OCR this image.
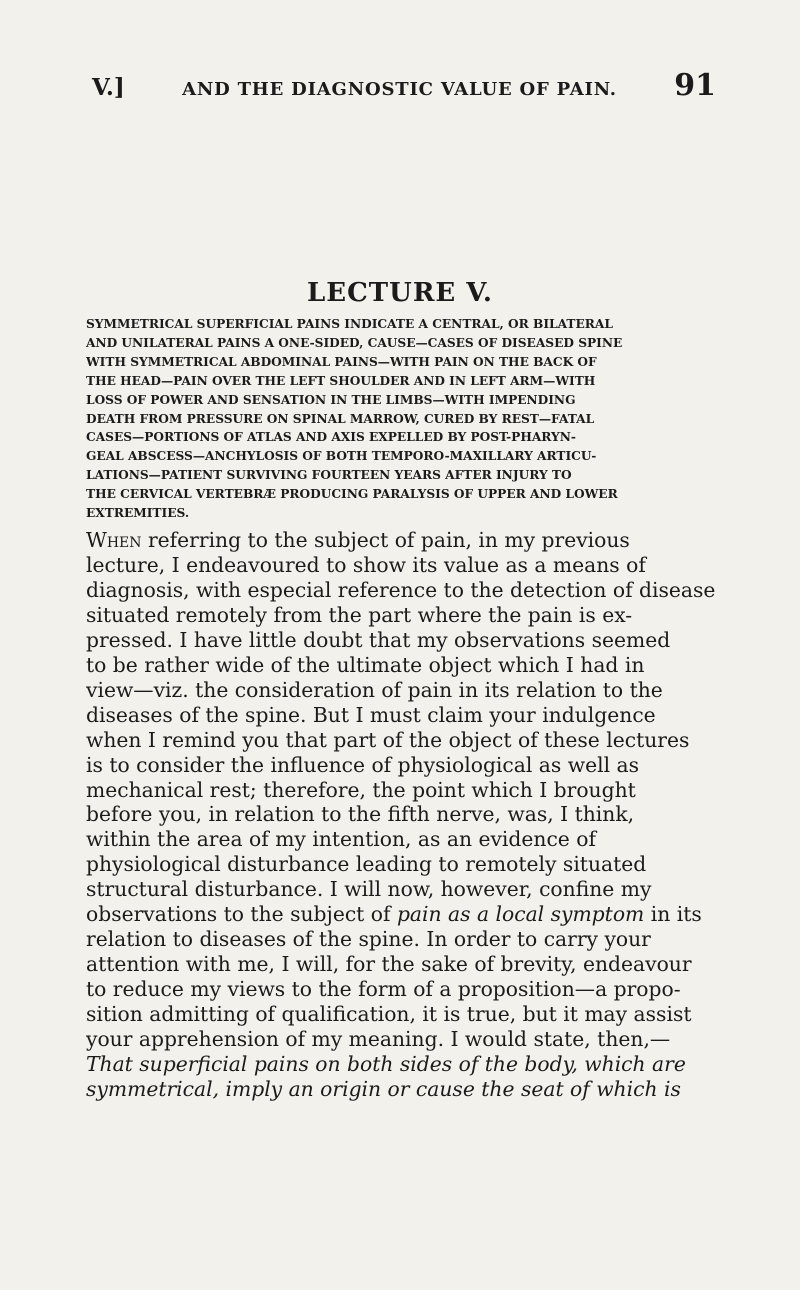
V.]	AND THE DIAGNOSTIC VALUE OF PAIN. 91
LECTURE V.
SYMMETRICAL SUPERFICIAL PAINS INDICATE A CENTRAL, OR BILATERAL
AND UNILATERAL PAINS A ONE-SIDED, CAUSE—CASES OF DISEASED SPINE
WITH SYMMETRICAL ABDOMINAL PAINS—WITH PAIN ON THE BACK OF
THE HEAD—PAIN OVER THE LEFT SHOULDER AND IN LEFT ARM—WITH
LOSS OF POWER AND SENSATION IN THE LIMBS—WITH IMPENDING
DEATH FROM PRESSURE ON SPINAL MARROW, CURED BY REST—FATAL
CASES—PORTIONS OF ATLAS AND AXIS EXPELLED BY POST-PHARYN-
GEAL ABSCESS—ANCHYLOSIS OF BOTH TEMPORO-MAXILLARY ARTICU-
LATIONS—PATIENT SURVIVING FOURTEEN YEARS AFTER INJURY TO
THE CERVICAL VERTEBRÆ PRODUCING PARALYSIS OF UPPER AND LOWER
EXTREMITIES.
When referring to the subject of pain, in my previous
lecture, I endeavoured to show its value as a means of
diagnosis, with especial reference to the detection of disease
situated remotely from the part where the pain is ex-
pressed. I have little doubt that my observations seemed
to be rather wide of the ultimate object which I had in
view—viz. the consideration of pain in its relation to the
diseases of the spine. But I must claim your indulgence
when I remind you that part of the object of these lectures
is to consider the influence of physiological as well as
mechanical rest; therefore, the point which I brought
before you, in relation to the fifth nerve, was, I think,
within the area of my intention, as an evidence of
physiological disturbance leading to remotely situated
structural disturbance. I will now, however, confine my
observations to the subject of pain as a local symptom in its
relation to diseases of the spine. In order to carry your
attention with me, I will, for the sake of brevity, endeavour
to reduce my views to the form of a proposition—a propo-
sition admitting of qualification, it is true, but it may assist
your apprehension of my meaning. I would state, then,—
That superficial pains on both sides of the body, which are
symmetrical, imply an origin or cause the seat of which is
